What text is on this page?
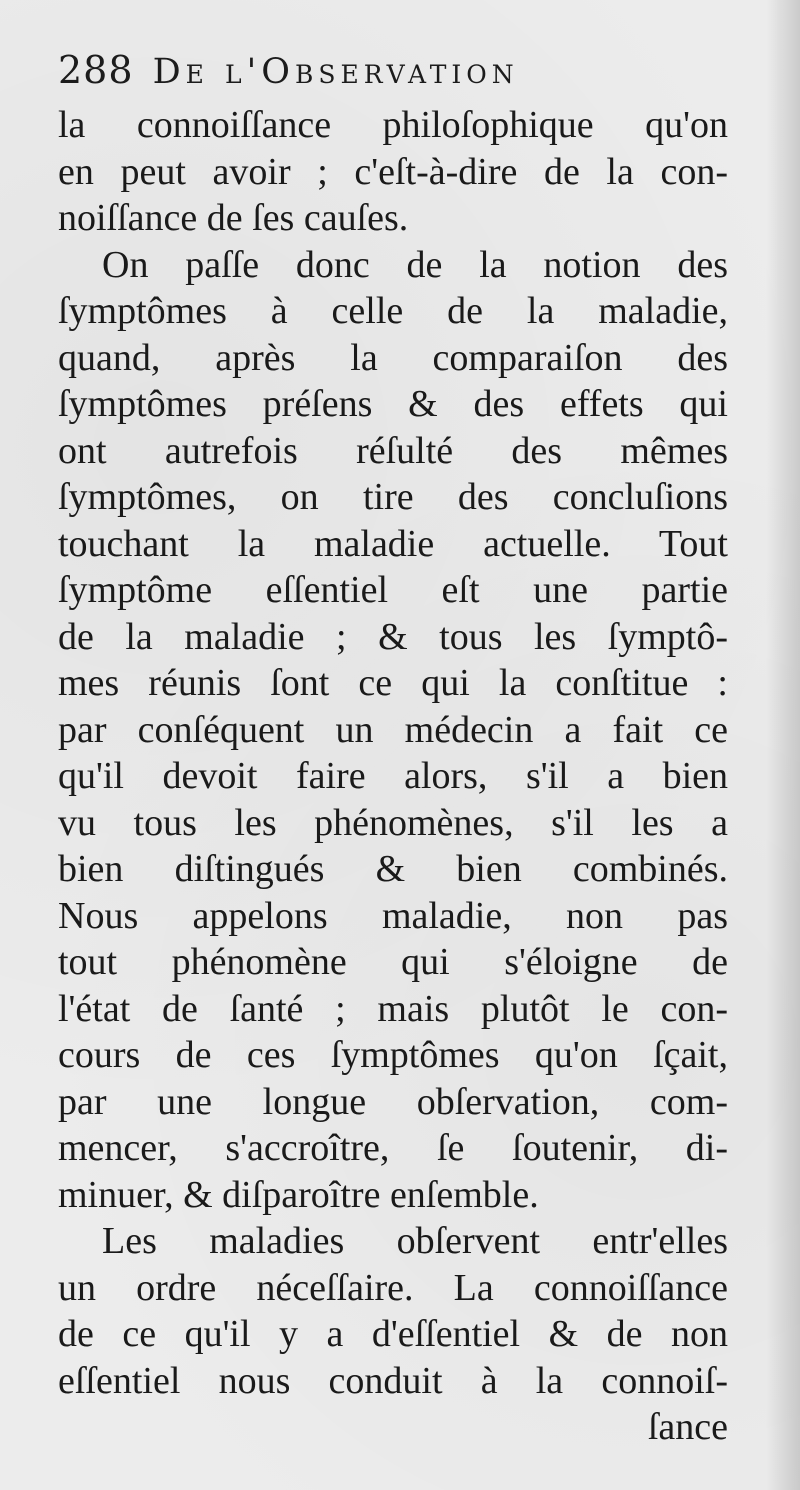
288 De l'Observation
la connoiſſance philoſophique qu'on
en peut avoir ; c'eſt-à-dire de la con-
noiſſance de ſes cauſes.
On paſſe donc de la notion des
ſymptômes à celle de la maladie,
quand, après la comparaiſon des
ſymptômes préſens & des effets qui
ont autrefois réſulté des mêmes
ſymptômes, on tire des concluſions
touchant la maladie actuelle. Tout
ſymptôme eſſentiel eſt une partie
de la maladie ; & tous les ſymptô-
mes réunis ſont ce qui la conſtitue :
par conſéquent un médecin a fait ce
qu'il devoit faire alors, s'il a bien
vu tous les phénomènes, s'il les a
bien diſtingués & bien combinés.
Nous appelons maladie, non pas
tout phénomène qui s'éloigne de
l'état de ſanté ; mais plutôt le con-
cours de ces ſymptômes qu'on ſçait,
par une longue obſervation, com-
mencer, s'accroître, ſe ſoutenir, di-
minuer, & diſparoître enſemble.
Les maladies obſervent entr'elles
un ordre néceſſaire. La connoiſſance
de ce qu'il y a d'eſſentiel & de non
eſſentiel nous conduit à la connoiſ-
ſance
